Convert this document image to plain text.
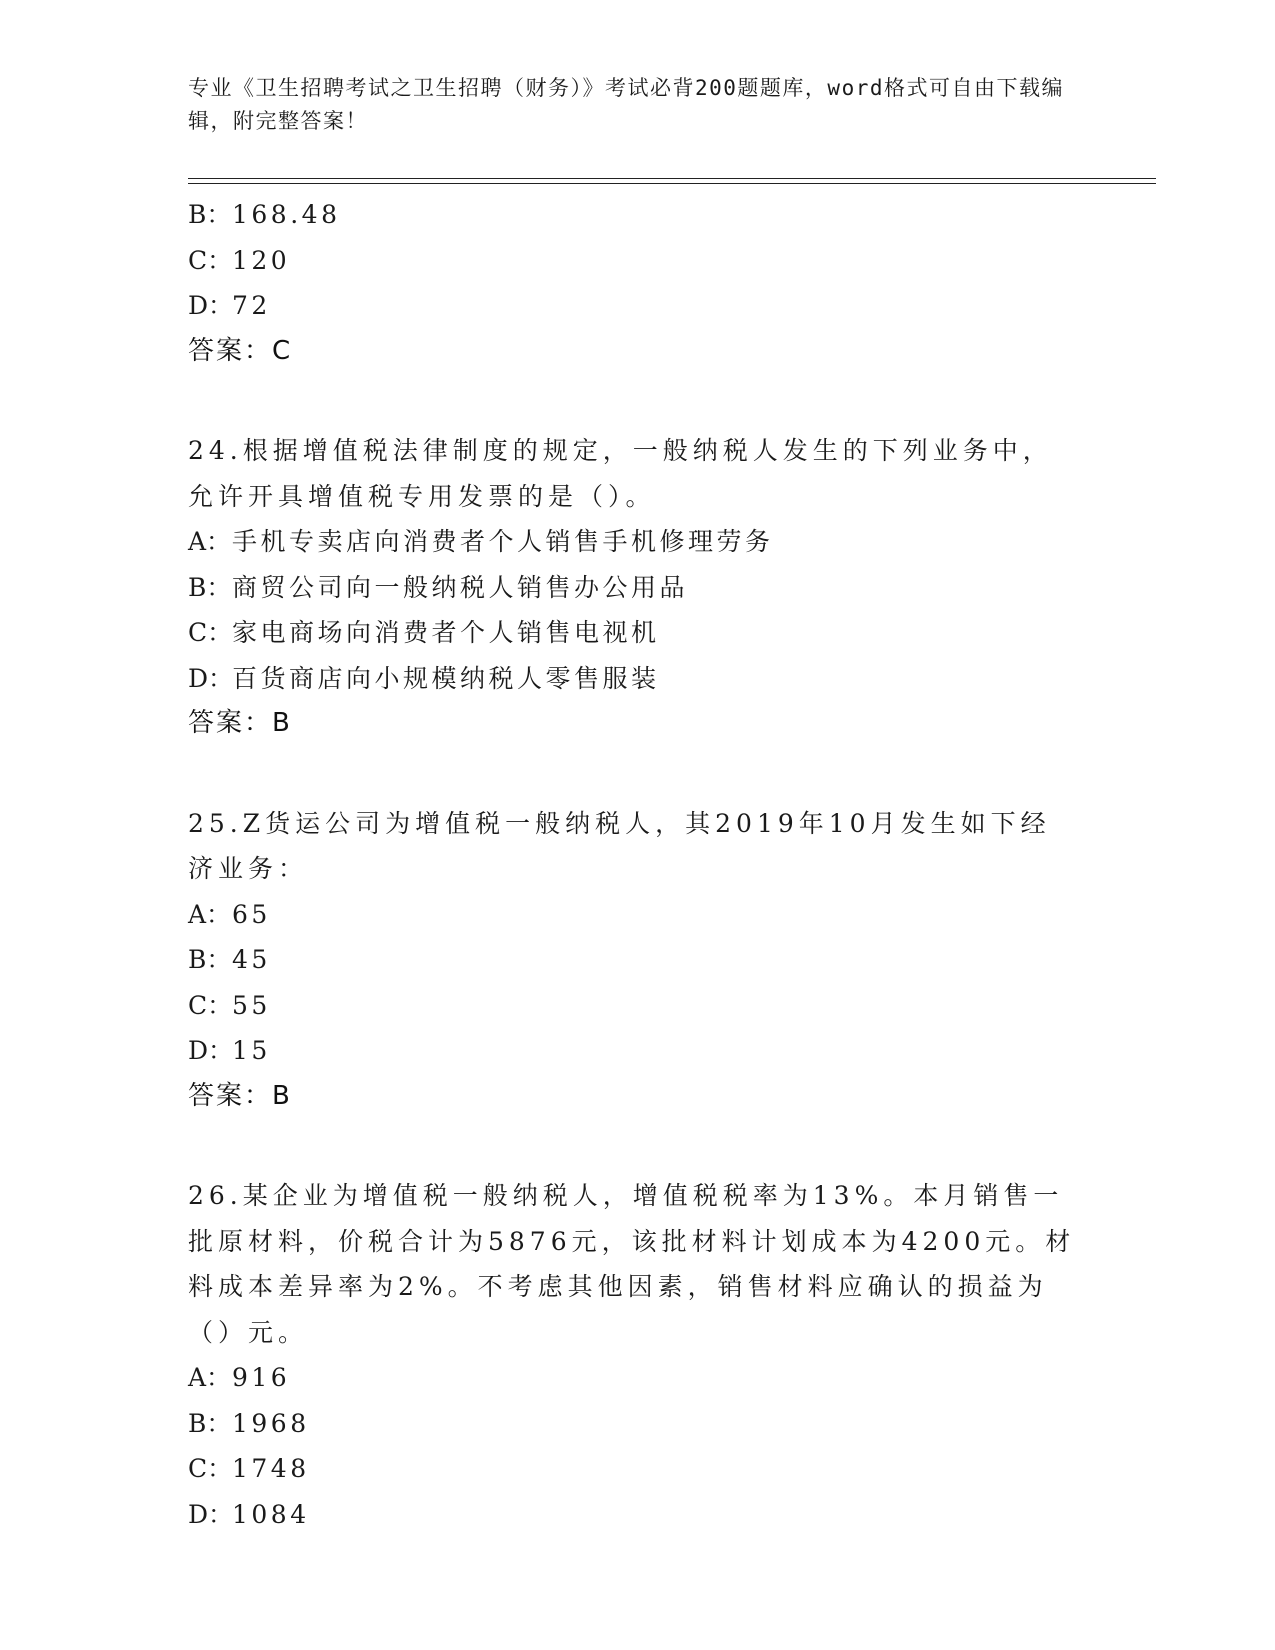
专业《卫生招聘考试之卫生招聘（财务）》考试必背200题题库，word格式可自由下载编辑，附完整答案！
B：168.48
C：120
D：72
答案：C
24.根据增值税法律制度的规定，一般纳税人发生的下列业务中，允许开具增值税专用发票的是（）。
A：手机专卖店向消费者个人销售手机修理劳务
B：商贸公司向一般纳税人销售办公用品
C：家电商场向消费者个人销售电视机
D：百货商店向小规模纳税人零售服装
答案：B
25.Z货运公司为增值税一般纳税人，其2019年10月发生如下经济业务：
A：65
B：45
C：55
D：15
答案：B
26.某企业为增值税一般纳税人，增值税税率为13%。本月销售一批原材料，价税合计为5876元，该批材料计划成本为4200元。材料成本差异率为2%。不考虑其他因素，销售材料应确认的损益为（）元。
A：916
B：1968
C：1748
D：1084
